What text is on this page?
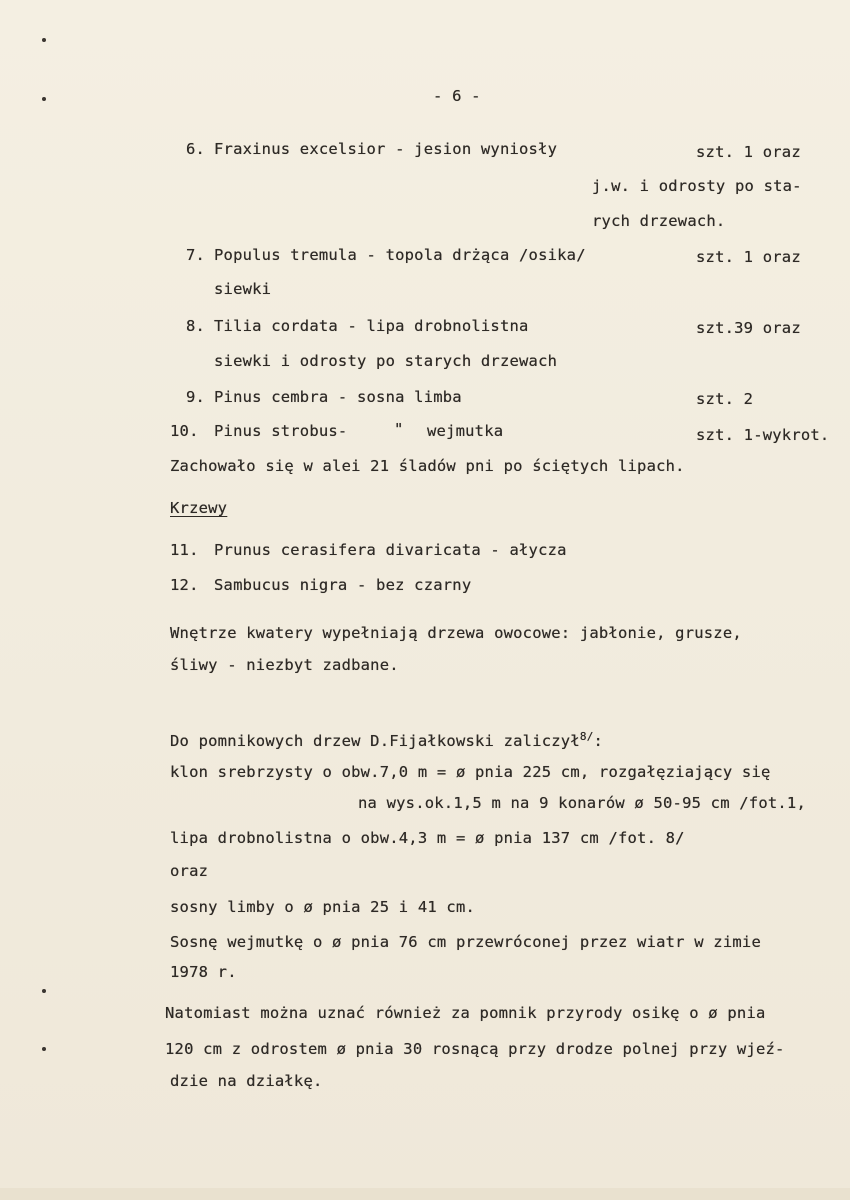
- 6 -
6. Fraxinus excelsior - jesion wyniosły	szt. 1 oraz
j.w. i odrosty po sta-
rych drzewach.
7. Populus tremula - topola drżąca /osika/	szt. 1 oraz
siewki
8. Tilia cordata - lipa drobnolistna	szt.39 oraz
siewki i odrosty po starych drzewach
9. Pinus cembra - sosna limba	szt. 2
10. Pinus strobus-	" wejmutka	szt. 1-wykrot.
Zachowało się w alei 21 śladów pni po ściętych lipach.
Krzewy
11. Prunus cerasifera divaricata - ałycza
12. Sambucus nigra - bez czarny
Wnętrze kwatery wypełniają drzewa owocowe: jabłonie, grusze,
śliwy - niezbyt zadbane.
Do pomnikowych drzew D.Fijałkowski zaliczył$^{8/}$:
klon srebrzysty o obw.7,0 m = ø pnia 225 cm, rozgałęziający się
na wys.ok.1,5 m na 9 konarów ø 50-95 cm /fot.1,
lipa drobnolistna o obw.4,3 m = ø pnia 137 cm /fot. 8/
oraz
sosny limby o ø pnia 25 i 41 cm.
Sosnę wejmutkę o ø pnia 76 cm przewróconej przez wiatr w zimie
1978 r.
Natomiast można uznać również za pomnik przyrody osikę o ø pnia
120 cm z odrostem ø pnia 30 rosnącą przy drodze polnej przy wjeź-
dzie na działkę.
